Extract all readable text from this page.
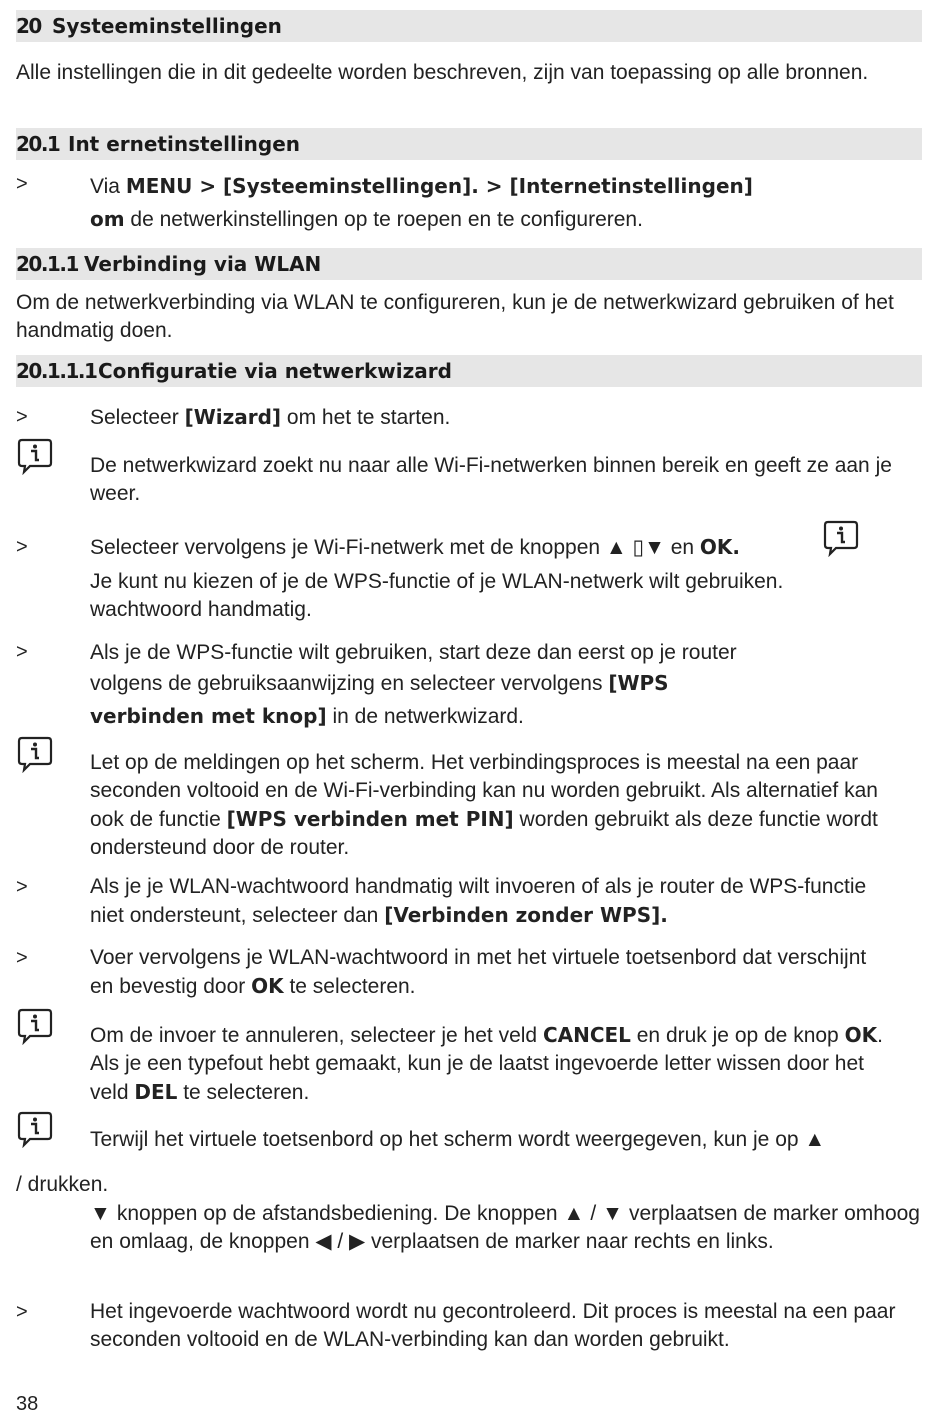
20 Systeeminstellingen
Alle instellingen die in dit gedeelte worden beschreven, zijn van toepassing op alle bronnen.
20.1 Int ernetinstellingen
>	Via MENU > [Systeeminstellingen]. > [Internetinstellingen]
om de netwerkinstellingen op te roepen en te configureren.
20.1.1 Verbinding via WLAN
Om de netwerkverbinding via WLAN te configureren, kun je de netwerkwizard gebruiken of het handmatig doen.
20.1.1.1 Configuratie via netwerkwizard
>	Selecteer [Wizard] om het te starten.
De netwerkwizard zoekt nu naar alle Wi-Fi-netwerken binnen bereik en geeft ze aan je weer.
>	Selecteer vervolgens je Wi-Fi-netwerk met de knoppen ▲ ▯▼ en OK.
Je kunt nu kiezen of je de WPS-functie of je WLAN-netwerk wilt gebruiken.
wachtwoord handmatig.
>	Als je de WPS-functie wilt gebruiken, start deze dan eerst op je router
volgens de gebruiksaanwijzing en selecteer vervolgens [WPS
verbinden met knop] in de netwerkwizard.
Let op de meldingen op het scherm. Het verbindingsproces is meestal na een paar seconden voltooid en de Wi-Fi-verbinding kan nu worden gebruikt. Als alternatief kan ook de functie [WPS verbinden met PIN] worden gebruikt als deze functie wordt ondersteund door de router.
>	Als je je WLAN-wachtwoord handmatig wilt invoeren of als je router de WPS-functie niet ondersteunt, selecteer dan [Verbinden zonder WPS].
>	Voer vervolgens je WLAN-wachtwoord in met het virtuele toetsenbord dat verschijnt en bevestig door OK te selecteren.
Om de invoer te annuleren, selecteer je het veld CANCEL en druk je op de knop OK. Als je een typefout hebt gemaakt, kun je de laatst ingevoerde letter wissen door het veld DEL te selecteren.
Terwijl het virtuele toetsenbord op het scherm wordt weergegeven, kun je op ▲
/ drukken.
▼ knoppen op de afstandsbediening. De knoppen ▲ / ▼ verplaatsen de marker omhoog en omlaag, de knoppen ◀ / ▶ verplaatsen de marker naar rechts en links.
>	Het ingevoerde wachtwoord wordt nu gecontroleerd. Dit proces is meestal na een paar seconden voltooid en de WLAN-verbinding kan dan worden gebruikt.
38
